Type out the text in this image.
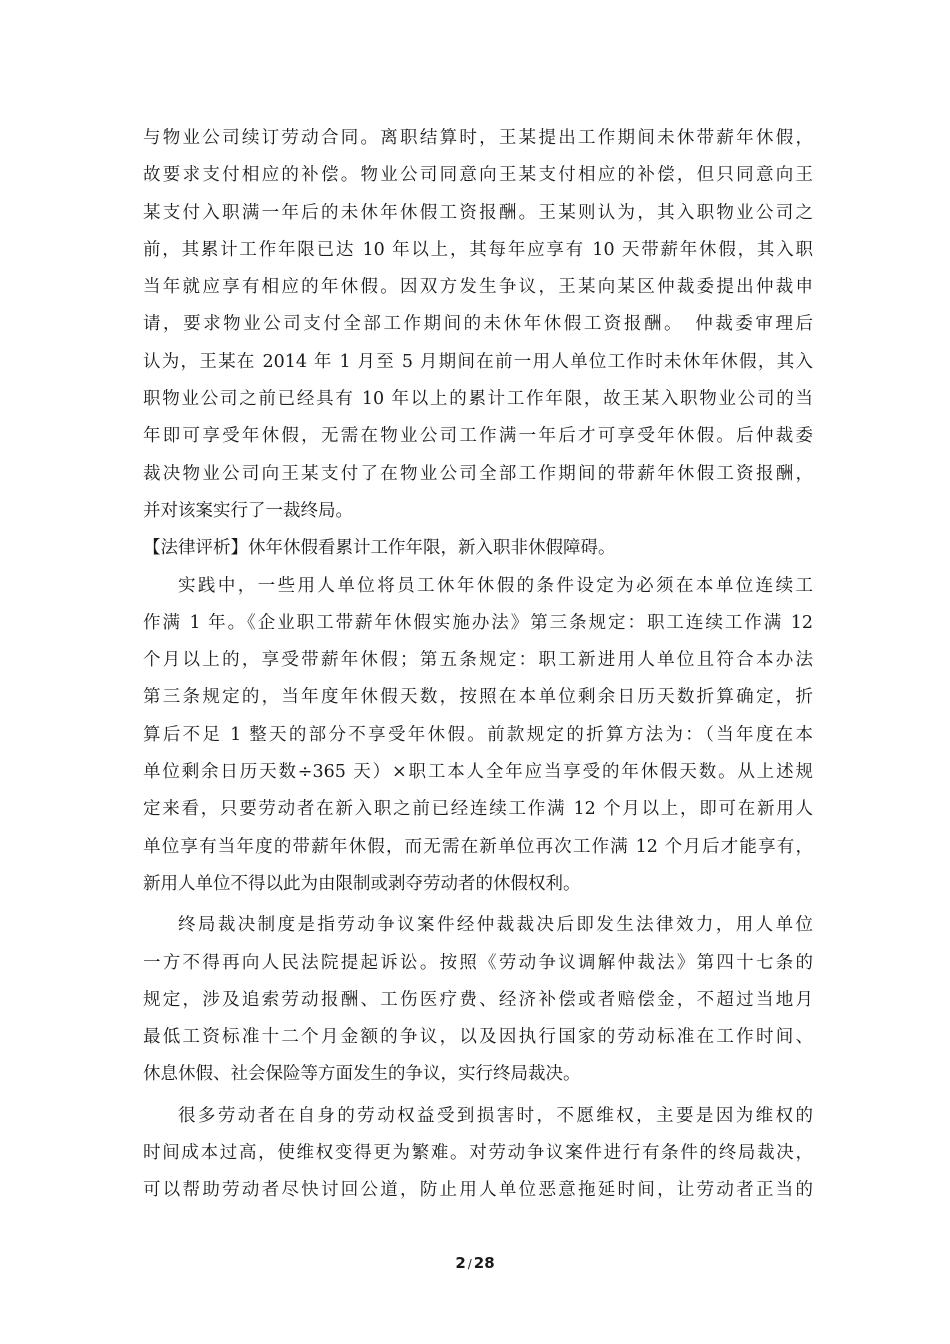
与物业公司续订劳动合同。离职结算时，王某提出工作期间未休带薪年休假，
故要求支付相应的补偿。物业公司同意向王某支付相应的补偿，但只同意向王
某支付入职满一年后的未休年休假工资报酬。王某则认为，其入职物业公司之
前，其累计工作年限已达 10 年以上，其每年应享有 10 天带薪年休假，其入职
当年就应享有相应的年休假。因双方发生争议，王某向某区仲裁委提出仲裁申
请，要求物业公司支付全部工作期间的未休年休假工资报酬。　仲裁委审理后
认为，王某在 2014 年 1 月至 5 月期间在前一用人单位工作时未休年休假，其入
职物业公司之前已经具有 10 年以上的累计工作年限，故王某入职物业公司的当
年即可享受年休假，无需在物业公司工作满一年后才可享受年休假。后仲裁委
裁决物业公司向王某支付了在物业公司全部工作期间的带薪年休假工资报酬，
并对该案实行了一裁终局。
【法律评析】休年休假看累计工作年限，新入职非休假障碍。
实践中，一些用人单位将员工休年休假的条件设定为必须在本单位连续工
作满 1 年。《企业职工带薪年休假实施办法》第三条规定：职工连续工作满 12
个月以上的，享受带薪年休假；第五条规定：职工新进用人单位且符合本办法
第三条规定的，当年度年休假天数，按照在本单位剩余日历天数折算确定，折
算后不足 1 整天的部分不享受年休假。前款规定的折算方法为：（当年度在本
单位剩余日历天数÷365 天）×职工本人全年应当享受的年休假天数。从上述规
定来看，只要劳动者在新入职之前已经连续工作满 12 个月以上，即可在新用人
单位享有当年度的带薪年休假，而无需在新单位再次工作满 12 个月后才能享有，
新用人单位不得以此为由限制或剥夺劳动者的休假权利。
终局裁决制度是指劳动争议案件经仲裁裁决后即发生法律效力，用人单位
一方不得再向人民法院提起诉讼。按照《劳动争议调解仲裁法》第四十七条的
规定，涉及追索劳动报酬、工伤医疗费、经济补偿或者赔偿金，不超过当地月
最低工资标准十二个月金额的争议，以及因执行国家的劳动标准在工作时间、
休息休假、社会保险等方面发生的争议，实行终局裁决。
很多劳动者在自身的劳动权益受到损害时，不愿维权，主要是因为维权的
时间成本过高，使维权变得更为繁难。对劳动争议案件进行有条件的终局裁决，
可以帮助劳动者尽快讨回公道，防止用人单位恶意拖延时间，让劳动者正当的
2 / 28
